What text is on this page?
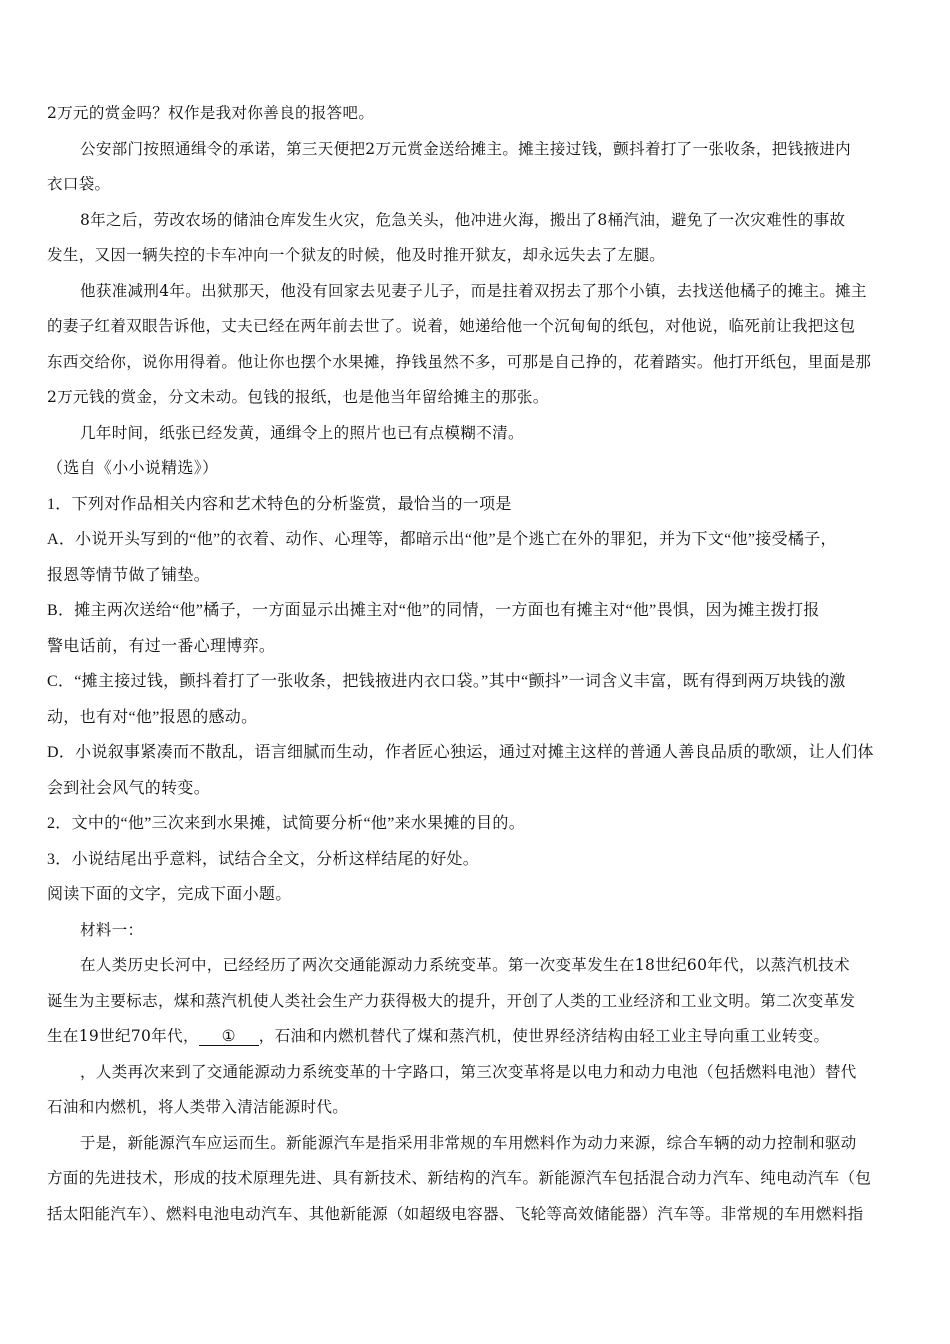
2万元的赏金吗？权作是我对你善良的报答吧。
公安部门按照通缉令的承诺，第三天便把2万元赏金送给摊主。摊主接过钱，颤抖着打了一张收条，把钱掖进内
衣口袋。
8年之后，劳改农场的储油仓库发生火灾，危急关头，他冲进火海，搬出了8桶汽油，避免了一次灾难性的事故
发生，又因一辆失控的卡车冲向一个狱友的时候，他及时推开狱友，却永远失去了左腿。
他获准减刑4年。出狱那天，他没有回家去见妻子儿子，而是拄着双拐去了那个小镇，去找送他橘子的摊主。摊主
的妻子红着双眼告诉他，丈夫已经在两年前去世了。说着，她递给他一个沉甸甸的纸包，对他说，临死前让我把这包
东西交给你，说你用得着。他让你也摆个水果摊，挣钱虽然不多，可那是自己挣的，花着踏实。他打开纸包，里面是那
2万元钱的赏金，分文未动。包钱的报纸，也是他当年留给摊主的那张。
几年时间，纸张已经发黄，通缉令上的照片也已有点模糊不清。
（选自《小小说精选》）
1．下列对作品相关内容和艺术特色的分析鉴赏，最恰当的一项是
A．小说开头写到的“他”的衣着、动作、心理等，都暗示出“他”是个逃亡在外的罪犯，并为下文“他”接受橘子，
报恩等情节做了铺垫。
B．摊主两次送给“他”橘子，一方面显示出摊主对“他”的同情，一方面也有摊主对“他”畏惧，因为摊主拨打报
警电话前，有过一番心理博弈。
C．“摊主接过钱，颤抖着打了一张收条，把钱掖进内衣口袋。”其中“颤抖”一词含义丰富，既有得到两万块钱的激
动，也有对“他”报恩的感动。
D．小说叙事紧凑而不散乱，语言细腻而生动，作者匠心独运，通过对摊主这样的普通人善良品质的歌颂，让人们体
会到社会风气的转变。
2．文中的“他”三次来到水果摊，试简要分析“他”来水果摊的目的。
3．小说结尾出乎意料，试结合全文，分析这样结尾的好处。
阅读下面的文字，完成下面小题。
材料一：
在人类历史长河中，已经经历了两次交通能源动力系统变革。第一次变革发生在18世纪60年代，以蒸汽机技术
诞生为主要标志，煤和蒸汽机使人类社会生产力获得极大的提升，开创了人类的工业经济和工业文明。第二次变革发
生在19世纪70年代， ① ，石油和内燃机替代了煤和蒸汽机，使世界经济结构由轻工业主导向重工业转变。
，人类再次来到了交通能源动力系统变革的十字路口，第三次变革将是以电力和动力电池（包括燃料电池）替代
石油和内燃机，将人类带入清洁能源时代。
于是，新能源汽车应运而生。新能源汽车是指采用非常规的车用燃料作为动力来源，综合车辆的动力控制和驱动
方面的先进技术，形成的技术原理先进、具有新技术、新结构的汽车。新能源汽车包括混合动力汽车、纯电动汽车（包
括太阳能汽车）、燃料电池电动汽车、其他新能源（如超级电容器、飞轮等高效储能器）汽车等。非常规的车用燃料指
